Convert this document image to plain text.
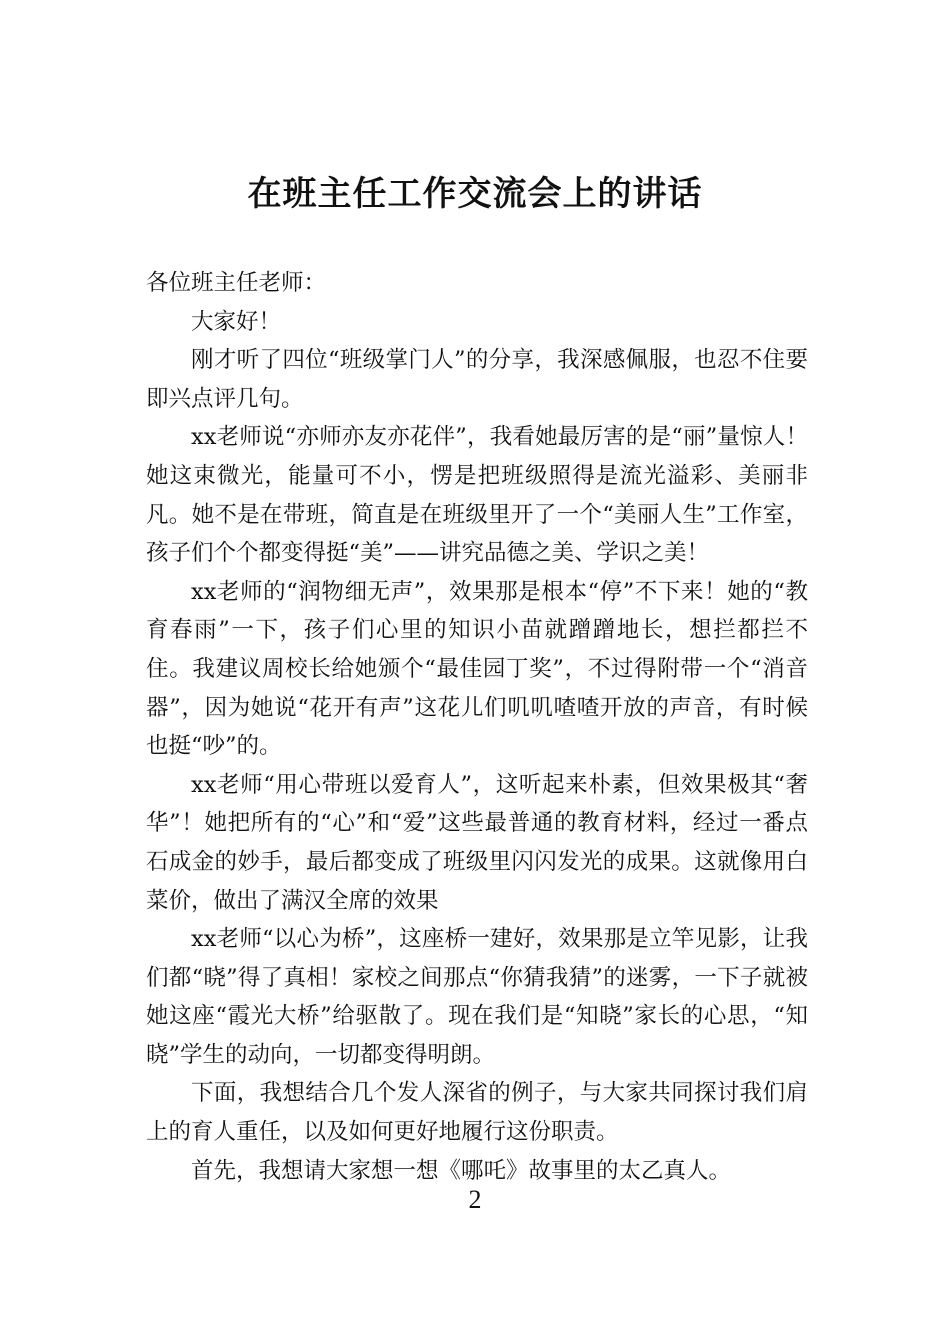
在班主任工作交流会上的讲话

各位班主任老师：

大家好！

刚才听了四位“班级掌门人”的分享，我深感佩服，也忍不住要即兴点评几句。

xx老师说“亦师亦友亦花伴”，我看她最厉害的是“丽”量惊人！她这束微光，能量可不小，愣是把班级照得是流光溢彩、美丽非凡。她不是在带班，简直是在班级里开了一个“美丽人生”工作室，孩子们个个都变得挺“美”——讲究品德之美、学识之美！

xx老师的“润物细无声”，效果那是根本“停”不下来！她的“教育春雨”一下，孩子们心里的知识小苗就蹭蹭地长，想拦都拦不住。我建议周校长给她颁个“最佳园丁奖”，不过得附带一个“消音器”，因为她说“花开有声”这花儿们叽叽喳喳开放的声音，有时候也挺“吵”的。

xx老师“用心带班以爱育人”，这听起来朴素，但效果极其“奢华”！她把所有的“心”和“爱”这些最普通的教育材料，经过一番点石成金的妙手，最后都变成了班级里闪闪发光的成果。这就像用白菜价，做出了满汉全席的效果

xx老师“以心为桥”，这座桥一建好，效果那是立竿见影，让我们都“晓”得了真相！家校之间那点“你猜我猜”的迷雾，一下子就被她这座“霞光大桥”给驱散了。现在我们是“知晓”家长的心思，“知晓”学生的动向，一切都变得明朗。

下面，我想结合几个发人深省的例子，与大家共同探讨我们肩上的育人重任，以及如何更好地履行这份职责。

首先，我想请大家想一想《哪吒》故事里的太乙真人。

2
